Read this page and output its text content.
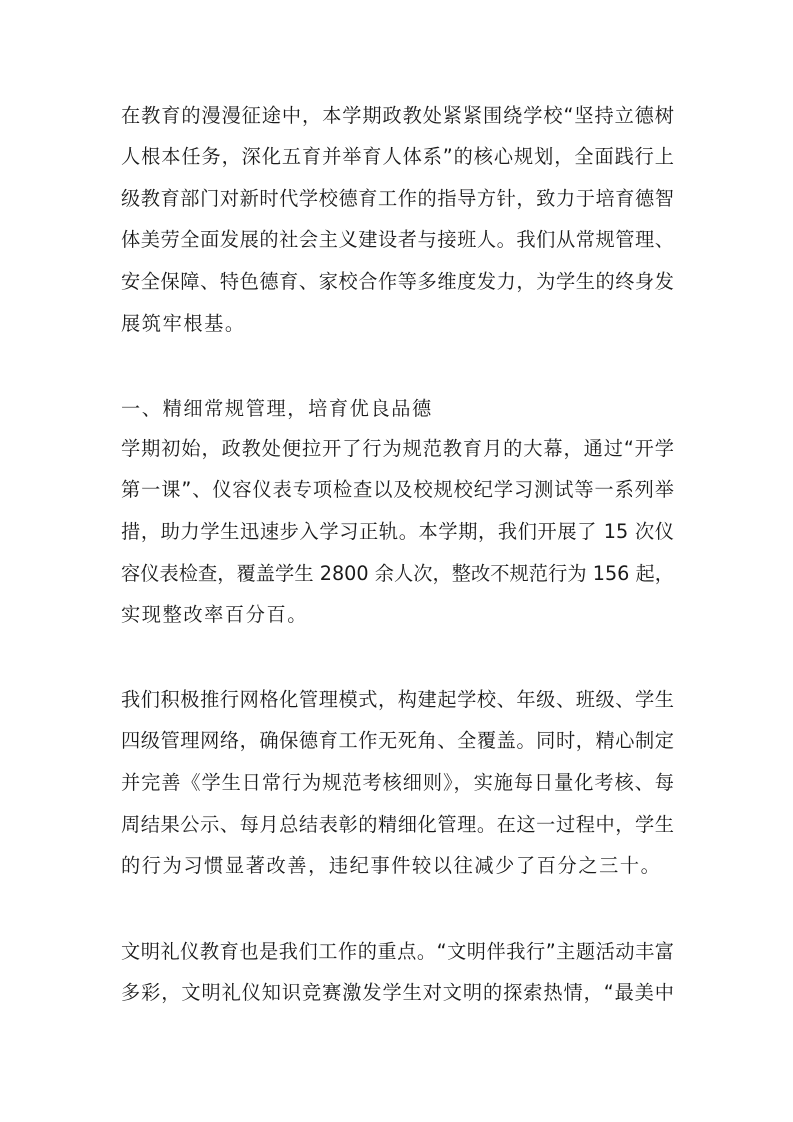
在教育的漫漫征途中，本学期政教处紧紧围绕学校“坚持立德树
人根本任务，深化五育并举育人体系”的核心规划，全面践行上
级教育部门对新时代学校德育工作的指导方针，致力于培育德智
体美劳全面发展的社会主义建设者与接班人。我们从常规管理、
安全保障、特色德育、家校合作等多维度发力，为学生的终身发
展筑牢根基。
一、精细常规管理，培育优良品德
学期初始，政教处便拉开了行为规范教育月的大幕，通过“开学
第一课”、仪容仪表专项检查以及校规校纪学习测试等一系列举
措，助力学生迅速步入学习正轨。本学期，我们开展了 15 次仪
容仪表检查，覆盖学生 2800 余人次，整改不规范行为 156 起，
实现整改率百分百。
我们积极推行网格化管理模式，构建起学校、年级、班级、学生
四级管理网络，确保德育工作无死角、全覆盖。同时，精心制定
并完善《学生日常行为规范考核细则》，实施每日量化考核、每
周结果公示、每月总结表彰的精细化管理。在这一过程中，学生
的行为习惯显著改善，违纪事件较以往减少了百分之三十。
文明礼仪教育也是我们工作的重点。“文明伴我行”主题活动丰富
多彩，文明礼仪知识竞赛激发学生对文明的探索热情，“最美中
